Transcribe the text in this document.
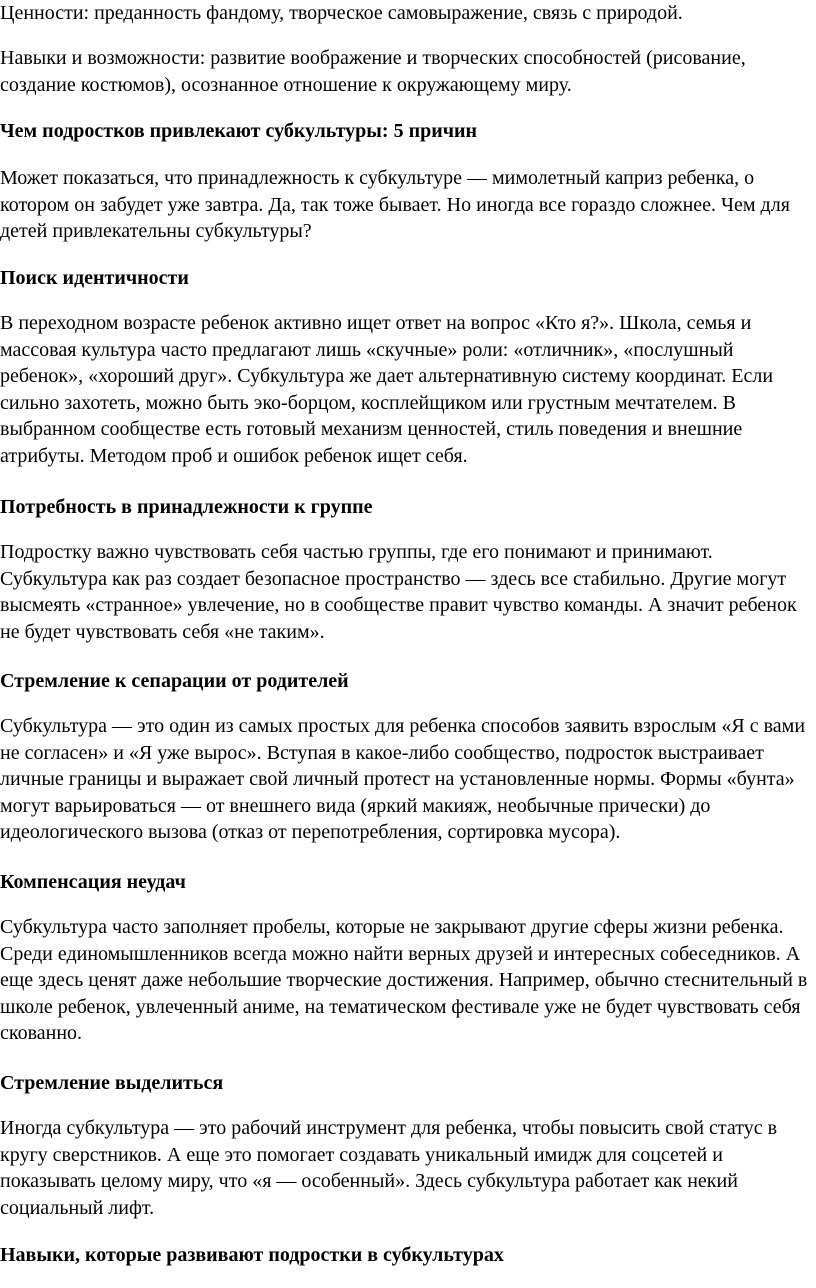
Ценности: преданность фандому, творческое самовыражение, связь с природой.

Навыки и возможности: развитие воображение и творческих способностей (рисование, создание костюмов), осознанное отношение к окружающему миру.

Чем подростков привлекают субкультуры: 5 причин

Может показаться, что принадлежность к субкультуре — мимолетный каприз ребенка, о котором он забудет уже завтра. Да, так тоже бывает. Но иногда все гораздо сложнее. Чем для детей привлекательны субкультуры?

Поиск идентичности

В переходном возрасте ребенок активно ищет ответ на вопрос «Кто я?». Школа, семья и массовая культура часто предлагают лишь «скучные» роли: «отличник», «послушный ребенок», «хороший друг». Субкультура же дает альтернативную систему координат. Если сильно захотеть, можно быть эко-борцом, косплейщиком или грустным мечтателем. В выбранном сообществе есть готовый механизм ценностей, стиль поведения и внешние атрибуты. Методом проб и ошибок ребенок ищет себя.

Потребность в принадлежности к группе

Подростку важно чувствовать себя частью группы, где его понимают и принимают. Субкультура как раз создает безопасное пространство — здесь все стабильно. Другие могут высмеять «странное» увлечение, но в сообществе правит чувство команды. А значит ребенок не будет чувствовать себя «не таким».

Стремление к сепарации от родителей

Субкультура — это один из самых простых для ребенка способов заявить взрослым «Я с вами не согласен» и «Я уже вырос». Вступая в какое-либо сообщество, подросток выстраивает личные границы и выражает свой личный протест на установленные нормы. Формы «бунта» могут варьироваться — от внешнего вида (яркий макияж, необычные прически) до идеологического вызова (отказ от перепотребления, сортировка мусора).

Компенсация неудач

Субкультура часто заполняет пробелы, которые не закрывают другие сферы жизни ребенка. Среди единомышленников всегда можно найти верных друзей и интересных собеседников. А еще здесь ценят даже небольшие творческие достижения. Например, обычно стеснительный в школе ребенок, увлеченный аниме, на тематическом фестивале уже не будет чувствовать себя скованно.

Стремление выделиться

Иногда субкультура — это рабочий инструмент для ребенка, чтобы повысить свой статус в кругу сверстников. А еще это помогает создавать уникальный имидж для соцсетей и показывать целому миру, что «я — особенный». Здесь субкультура работает как некий социальный лифт.

Навыки, которые развивают подростки в субкультурах
